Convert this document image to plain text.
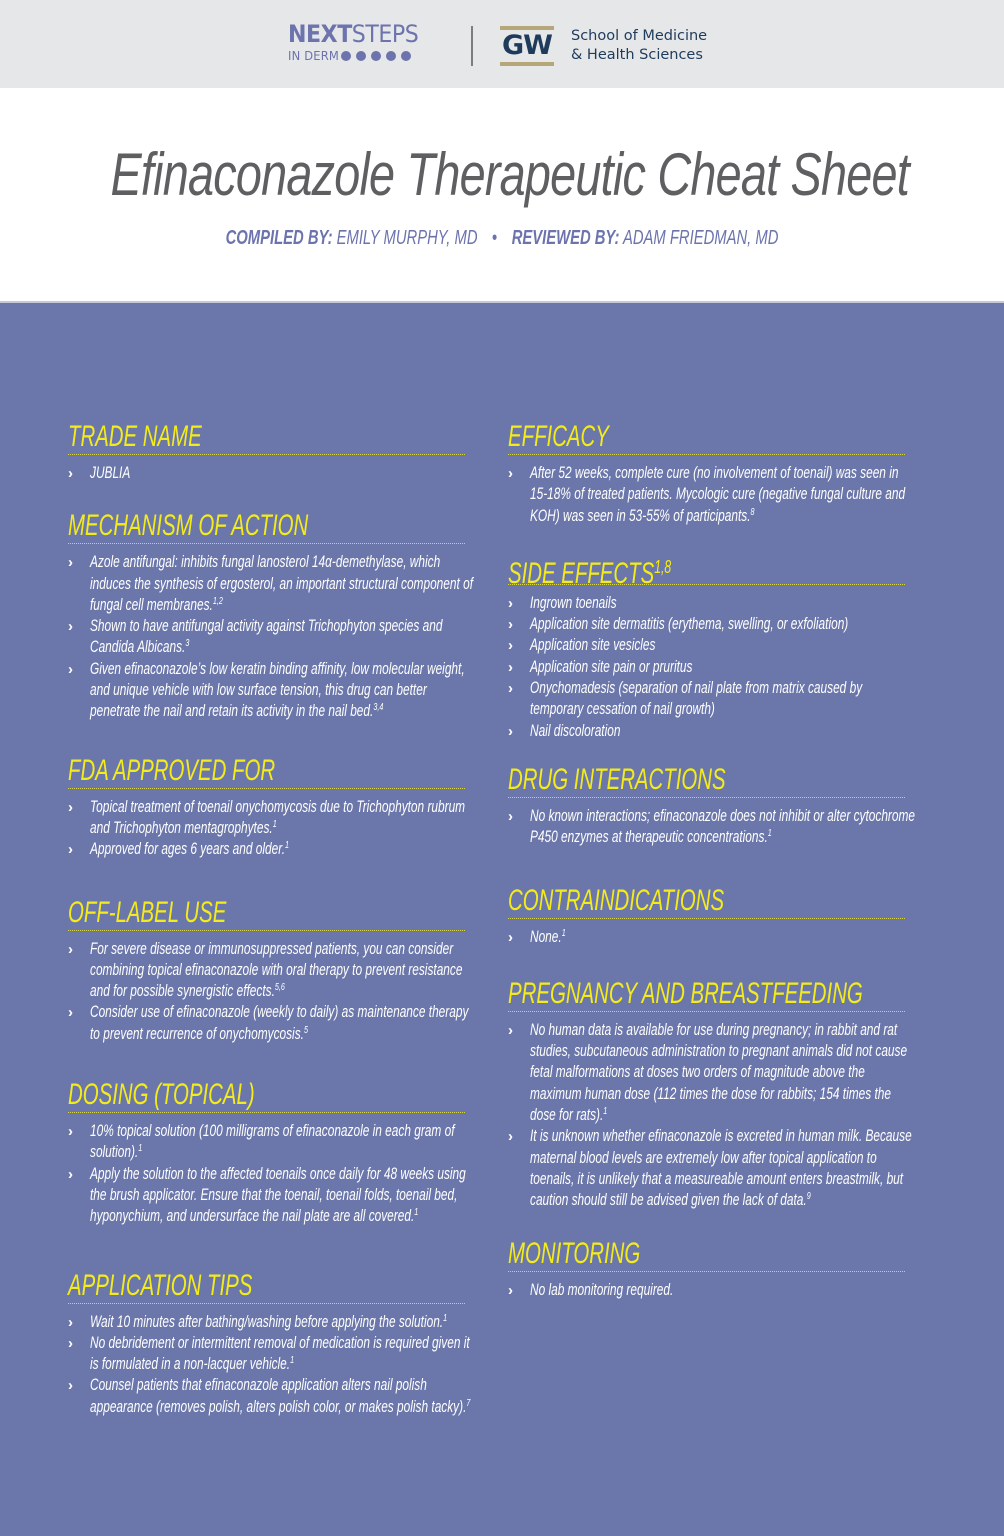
NEXTSTEPS
IN DERM	GW School of Medicine
& Health Sciences
Efinaconazole Therapeutic Cheat Sheet
COMPILED BY: EMILY MURPHY, MD • REVIEWED BY: ADAM FRIEDMAN, MD
TRADE NAME
› JUBLIA
MECHANISM OF ACTION
› Azole antifungal: inhibits fungal lanosterol 14α-demethylase, which induces the synthesis of ergosterol, an important structural component of fungal cell membranes.$^{1,2}$
› Shown to have antifungal activity against Trichophyton species and Candida Albicans.$^3$
› Given efinaconazole’s low keratin binding affinity, low molecular weight, and unique vehicle with low surface tension, this drug can better penetrate the nail and retain its activity in the nail bed.$^{3,4}$
FDA APPROVED FOR
› Topical treatment of toenail onychomycosis due to Trichophyton rubrum and Trichophyton mentagrophytes.$^1$
› Approved for ages 6 years and older.$^1$
OFF-LABEL USE
› For severe disease or immunosuppressed patients, you can consider combining topical efinaconazole with oral therapy to prevent resistance and for possible synergistic effects.$^{5,6}$
› Consider use of efinaconazole (weekly to daily) as maintenance therapy to prevent recurrence of onychomycosis.$^5$
DOSING (TOPICAL)
› 10% topical solution (100 milligrams of efinaconazole in each gram of solution).$^1$
› Apply the solution to the affected toenails once daily for 48 weeks using the brush applicator. Ensure that the toenail, toenail folds, toenail bed, hyponychium, and undersurface the nail plate are all covered.$^1$
APPLICATION TIPS
› Wait 10 minutes after bathing/washing before applying the solution.$^1$
› No debridement or intermittent removal of medication is required given it is formulated in a non-lacquer vehicle.$^1$
› Counsel patients that efinaconazole application alters nail polish appearance (removes polish, alters polish color, or makes polish tacky).$^7$
EFFICACY
› After 52 weeks, complete cure (no involvement of toenail) was seen in 15-18% of treated patients. Mycologic cure (negative fungal culture and KOH) was seen in 53-55% of participants.$^8$
SIDE EFFECTS$^{1,8}$
› Ingrown toenails
› Application site dermatitis (erythema, swelling, or exfoliation)
› Application site vesicles
› Application site pain or pruritus
› Onychomadesis (separation of nail plate from matrix caused by temporary cessation of nail growth)
› Nail discoloration
DRUG INTERACTIONS
› No known interactions; efinaconazole does not inhibit or alter cytochrome P450 enzymes at therapeutic concentrations.$^1$
CONTRAINDICATIONS
› None.$^1$
PREGNANCY AND BREASTFEEDING
› No human data is available for use during pregnancy; in rabbit and rat studies, subcutaneous administration to pregnant animals did not cause fetal malformations at doses two orders of magnitude above the maximum human dose (112 times the dose for rabbits; 154 times the dose for rats).$^1$
› It is unknown whether efinaconazole is excreted in human milk. Because maternal blood levels are extremely low after topical application to toenails, it is unlikely that a measureable amount enters breastmilk, but caution should still be advised given the lack of data.$^9$
MONITORING
› No lab monitoring required.
